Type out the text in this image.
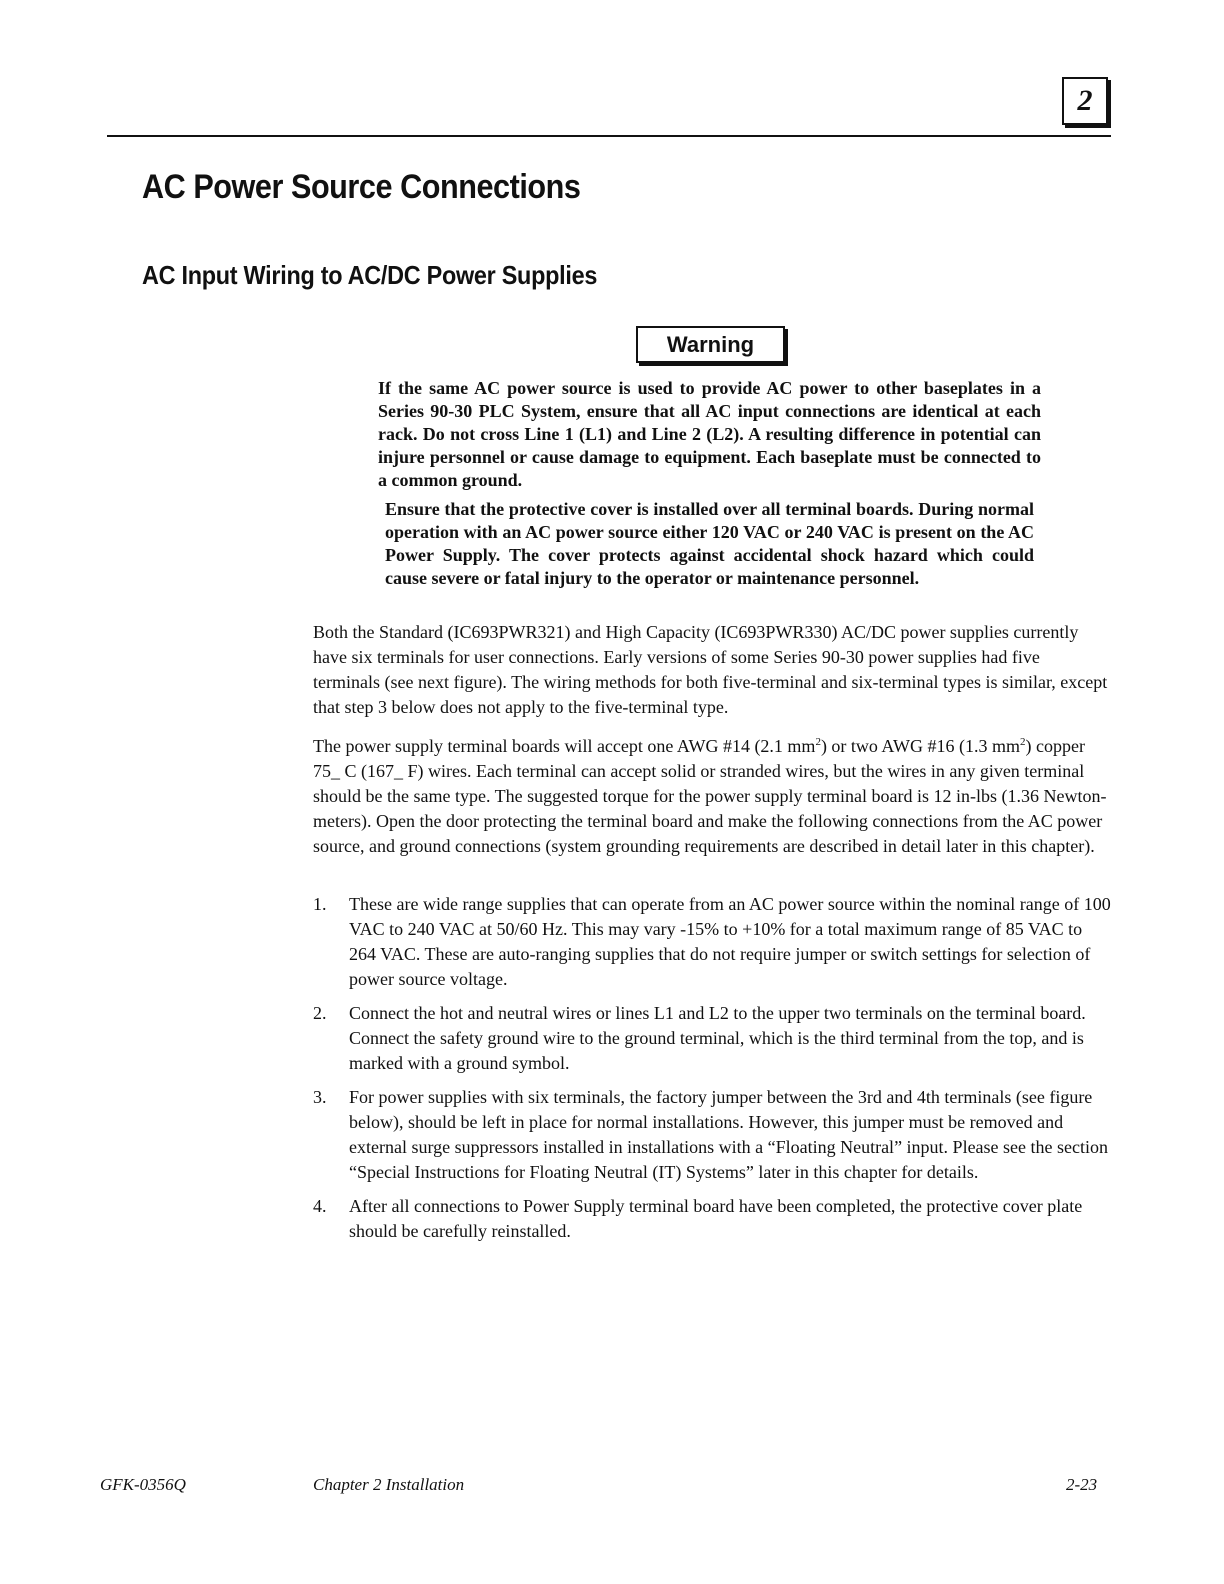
2
AC Power Source Connections
AC Input Wiring to AC/DC Power Supplies
Warning

If the same AC power source is used to provide AC power to other baseplates in a Series 90-30 PLC System, ensure that all AC input connections are identical at each rack. Do not cross Line 1 (L1) and Line 2 (L2). A resulting difference in potential can injure personnel or cause damage to equipment. Each baseplate must be connected to a common ground.

Ensure that the protective cover is installed over all terminal boards. During normal operation with an AC power source either 120 VAC or 240 VAC is present on the AC Power Supply. The cover protects against accidental shock hazard which could cause severe or fatal injury to the operator or maintenance personnel.

Both the Standard (IC693PWR321) and High Capacity (IC693PWR330) AC/DC power supplies currently have six terminals for user connections. Early versions of some Series 90-30 power supplies had five terminals (see next figure). The wiring methods for both five-terminal and six-terminal types is similar, except that step 3 below does not apply to the five-terminal type.

The power supply terminal boards will accept one AWG #14 (2.1 $mm^2$) or two AWG #16 (1.3 $mm^2$) copper 75_ C (167_ F) wires. Each terminal can accept solid or stranded wires, but the wires in any given terminal should be the same type. The suggested torque for the power supply terminal board is 12 in-lbs (1.36 Newton-meters). Open the door protecting the terminal board and make the following connections from the AC power source, and ground connections (system grounding requirements are described in detail later in this chapter).

1. These are wide range supplies that can operate from an AC power source within the nominal range of 100 VAC to 240 VAC at 50/60 Hz. This may vary -15% to +10% for a total maximum range of 85 VAC to 264 VAC. These are auto-ranging supplies that do not require jumper or switch settings for selection of power source voltage.
2. Connect the hot and neutral wires or lines L1 and L2 to the upper two terminals on the terminal board. Connect the safety ground wire to the ground terminal, which is the third terminal from the top, and is marked with a ground symbol.
3. For power supplies with six terminals, the factory jumper between the 3rd and 4th terminals (see figure below), should be left in place for normal installations. However, this jumper must be removed and external surge suppressors installed in installations with a “Floating Neutral” input. Please see the section “Special Instructions for Floating Neutral (IT) Systems” later in this chapter for details.
4. After all connections to Power Supply terminal board have been completed, the protective cover plate should be carefully reinstalled.
GFK-0356Q	Chapter 2 Installation	2-23
